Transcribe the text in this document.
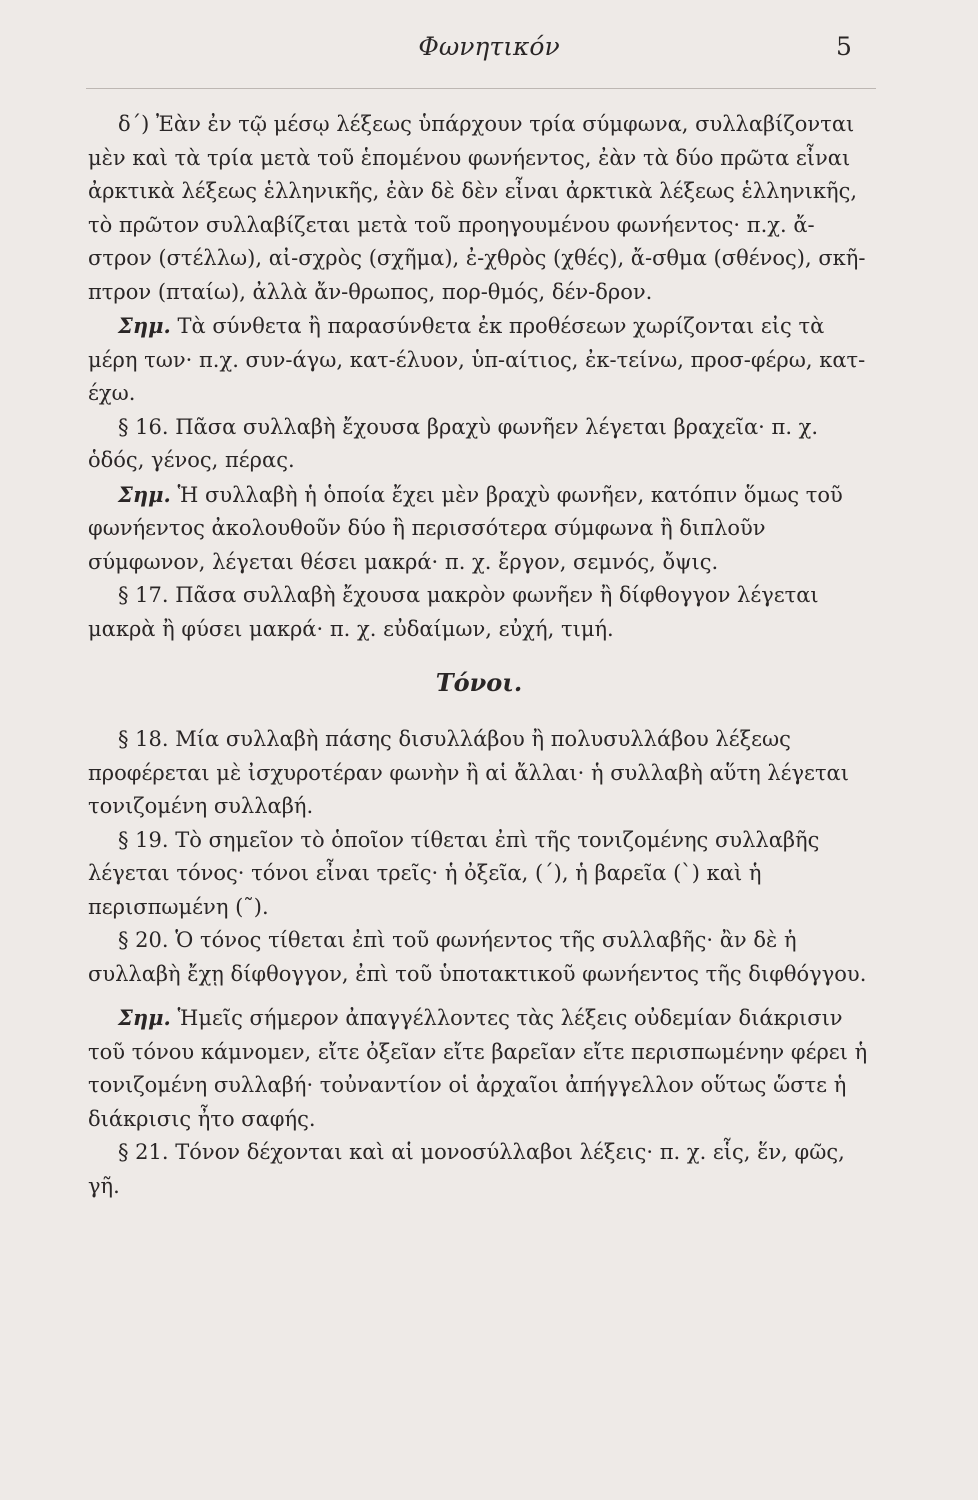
Φωνητικόν	5

δ΄) Ἐὰν ἐν τῷ μέσῳ λέξεως ὑπάρχουν τρία σύμφωνα, συλλαβίζονται μὲν καὶ τὰ τρία μετὰ τοῦ ἑπομένου φωνήεντος, ἐὰν τὰ δύο πρῶτα εἶναι ἀρκτικὰ λέξεως ἑλληνικῆς, ἐὰν δὲ δὲν εἶναι ἀρκτικὰ λέξεως ἑλληνικῆς, τὸ πρῶτον συλλαβίζεται μετὰ τοῦ προηγουμένου φωνήεντος· π.χ. ἄ-στρον (στέλλω), αἰ-σχρὸς (σχῆμα), ἐ-χθρὸς (χθές), ἄ-σθμα (σθένος), σκῆ-πτρον (πταίω), ἀλλὰ ἄν-θρωπος, πορ-θμός, δέν-δρον.

Σημ. Τὰ σύνθετα ἢ παρασύνθετα ἐκ προθέσεων χωρίζονται εἰς τὰ μέρη των· π.χ. συν-άγω, κατ-έλυον, ὑπ-αίτιος, ἐκ-τείνω, προσ-φέρω, κατ-έχω.

§ 16. Πᾶσα συλλαβὴ ἔχουσα βραχὺ φωνῆεν λέγεται βραχεῖα· π. χ. ὁδός, γένος, πέρας.

Σημ. Ἡ συλλαβὴ ἡ ὁποία ἔχει μὲν βραχὺ φωνῆεν, κατόπιν ὅμως τοῦ φωνήεντος ἀκολουθοῦν δύο ἢ περισσότερα σύμφωνα ἢ διπλοῦν σύμφωνον, λέγεται θέσει μακρά· π. χ. ἔργον, σεμνός, ὄψις.

§ 17. Πᾶσα συλλαβὴ ἔχουσα μακρὸν φωνῆεν ἢ δίφθογγον λέγεται μακρὰ ἢ φύσει μακρά· π. χ. εὐδαίμων, εὐχή, τιμή.

Τόνοι.

§ 18. Μία συλλαβὴ πάσης δισυλλάβου ἢ πολυσυλλάβου λέξεως προφέρεται μὲ ἰσχυροτέραν φωνὴν ἢ αἱ ἄλλαι· ἡ συλλαβὴ αὕτη λέγεται τονιζομένη συλλαβή.

§ 19. Τὸ σημεῖον τὸ ὁποῖον τίθεται ἐπὶ τῆς τονιζομένης συλλαβῆς λέγεται τόνος· τόνοι εἶναι τρεῖς· ἡ ὀξεῖα, (΄), ἡ βαρεῖα (`) καὶ ἡ περισπωμένη (῀).

§ 20. Ὁ τόνος τίθεται ἐπὶ τοῦ φωνήεντος τῆς συλλαβῆς· ἂν δὲ ἡ συλλαβὴ ἔχῃ δίφθογγον, ἐπὶ τοῦ ὑποτακτικοῦ φωνήεντος τῆς διφθόγγου.

Σημ. Ἡμεῖς σήμερον ἀπαγγέλλοντες τὰς λέξεις οὐδεμίαν διάκρισιν τοῦ τόνου κάμνομεν, εἴτε ὀξεῖαν εἴτε βαρεῖαν εἴτε περισπωμένην φέρει ἡ τονιζομένη συλλαβή· τοὐναντίον οἱ ἀρχαῖοι ἀπήγγελλον οὕτως ὥστε ἡ διάκρισις ἦτο σαφής.

§ 21. Τόνον δέχονται καὶ αἱ μονοσύλλαβοι λέξεις· π. χ. εἷς, ἕν, φῶς, γῆ.
